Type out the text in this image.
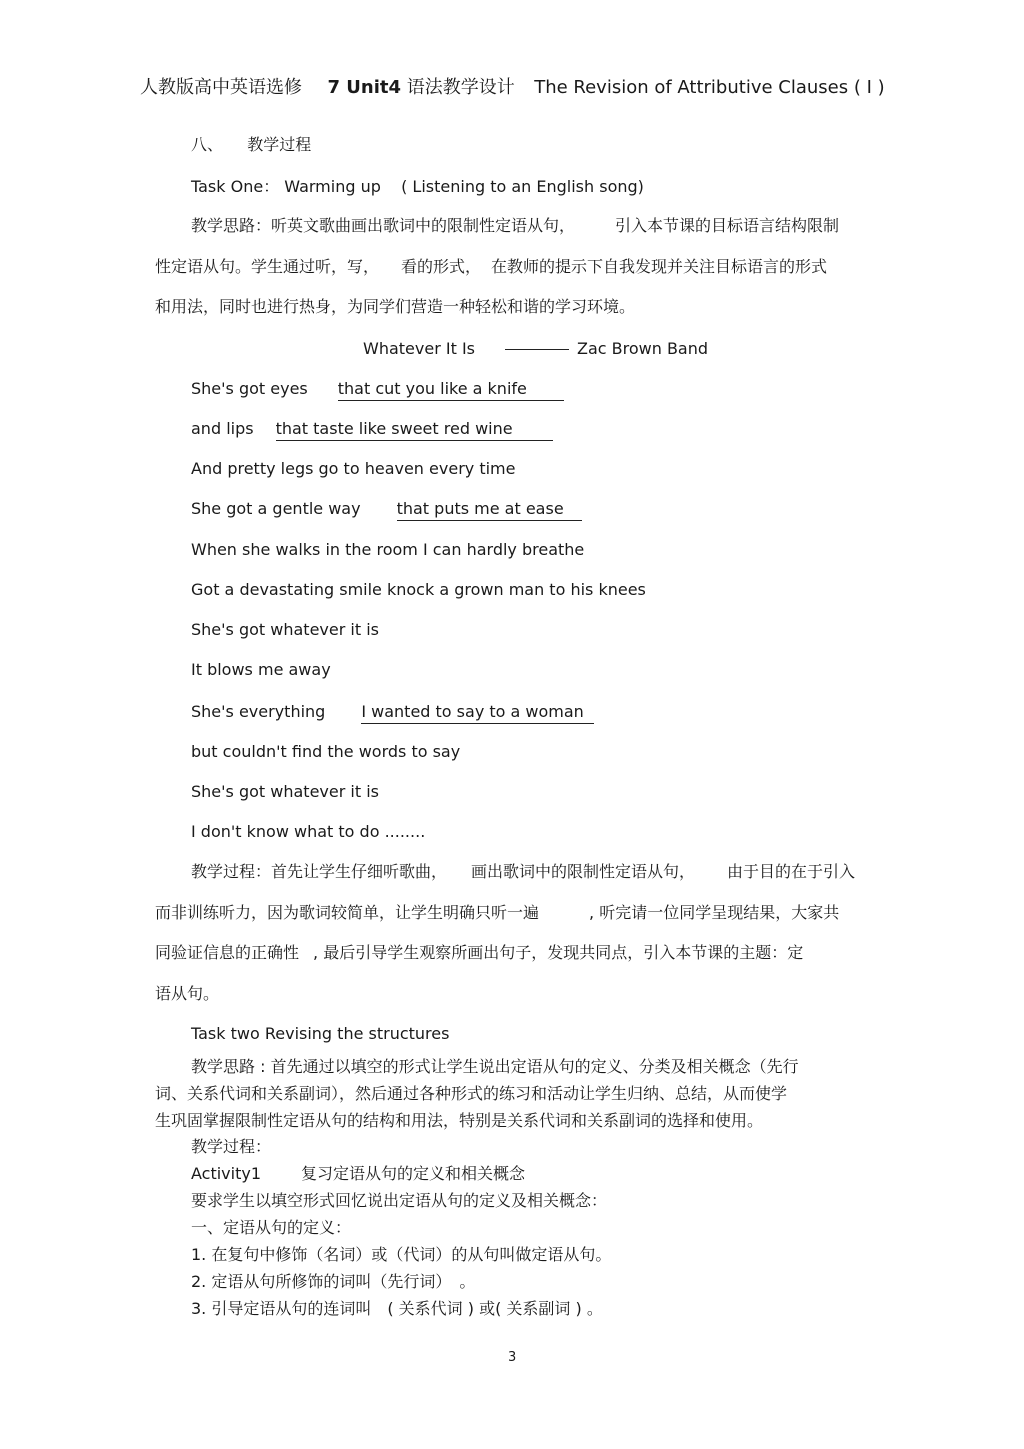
人教版高中英语选修 7 Unit4 语法教学设计 The Revision of Attributive Clauses ( I )
八、 教学过程
Task One： Warming up ( Listening to an English song)
教学思路：听英文歌曲画出歌词中的限制性定语从句，	引入本节课的目标语言结构限制
性定语从句。学生通过听，写， 看的形式， 在教师的提示下自我发现并关注目标语言的形式
和用法，同时也进行热身，为同学们营造一种轻松和谐的学习环境。
Whatever It Is	Zac Brown Band
She's got eyes that cut you like a knife
and lips that taste like sweet red wine
And pretty legs go to heaven every time
She got a gentle way that puts me at ease
When she walks in the room I can hardly breathe
Got a devastating smile knock a grown man to his knees
She's got whatever it is
It blows me away
She's everything I wanted to say to a woman
but couldn't find the words to say
She's got whatever it is
I don't know what to do ........
教学过程：首先让学生仔细听歌曲， 画出歌词中的限制性定语从句， 由于目的在于引入
而非训练听力，因为歌词较简单，让学生明确只听一遍	, 听完请一位同学呈现结果，大家共
同验证信息的正确性 , 最后引导学生观察所画出句子，发现共同点，引入本节课的主题：定
语从句。
Task two Revising the structures
教学思路 : 首先通过以填空的形式让学生说出定语从句的定义、分类及相关概念（先行
词、关系代词和关系副词），然后通过各种形式的练习和活动让学生归纳、总结，从而使学
生巩固掌握限制性定语从句的结构和用法，特别是关系代词和关系副词的选择和使用。
教学过程：
Activity1	复习定语从句的定义和相关概念
要求学生以填空形式回忆说出定语从句的定义及相关概念：
一、定语从句的定义：
1. 在复句中修饰（名词）或（代词）的从句叫做定语从句。
2. 定语从句所修饰的词叫（先行词）　。
3. 引导定语从句的连词叫　( 关系代词 ) 或( 关系副词 ) 。
3
